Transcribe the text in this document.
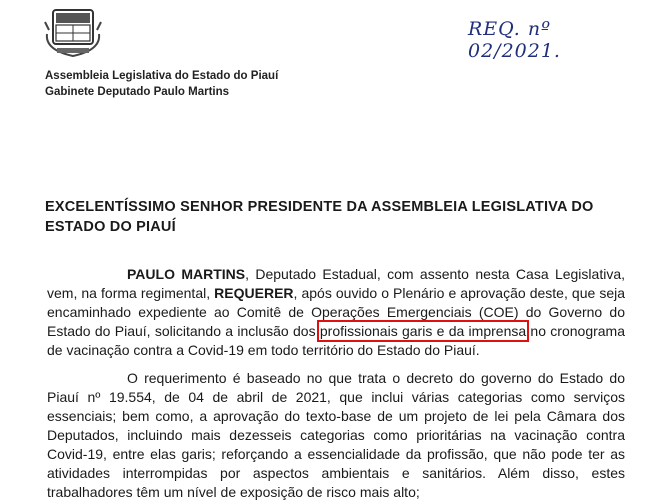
REQ. nº 02/2021.
Assembleia Legislativa do Estado do Piauí
Gabinete Deputado Paulo Martins
EXCELENTÍSSIMO SENHOR PRESIDENTE DA ASSEMBLEIA LEGISLATIVA DO
ESTADO DO PIAUÍ
PAULO MARTINS, Deputado Estadual, com assento nesta Casa Legislativa, vem, na forma regimental, REQUERER, após ouvido o Plenário e aprovação deste, que seja encaminhado expediente ao Comitê de Operações Emergenciais (COE) do Governo do Estado do Piauí, solicitando a inclusão dos profissionais garis e da imprensa no cronograma de vacinação contra a Covid-19 em todo território do Estado do Piauí.
O requerimento é baseado no que trata o decreto do governo do Estado do Piauí nº 19.554, de 04 de abril de 2021, que inclui várias categorias como serviços essenciais; bem como, a aprovação do texto-base de um projeto de lei pela Câmara dos Deputados, incluindo mais dezesseis categorias como prioritárias na vacinação contra Covid-19, entre elas garis; reforçando a essencialidade da profissão, que não pode ter as atividades interrompidas por aspectos ambientais e sanitários. Além disso, estes trabalhadores têm um nível de exposição de risco mais alto;
